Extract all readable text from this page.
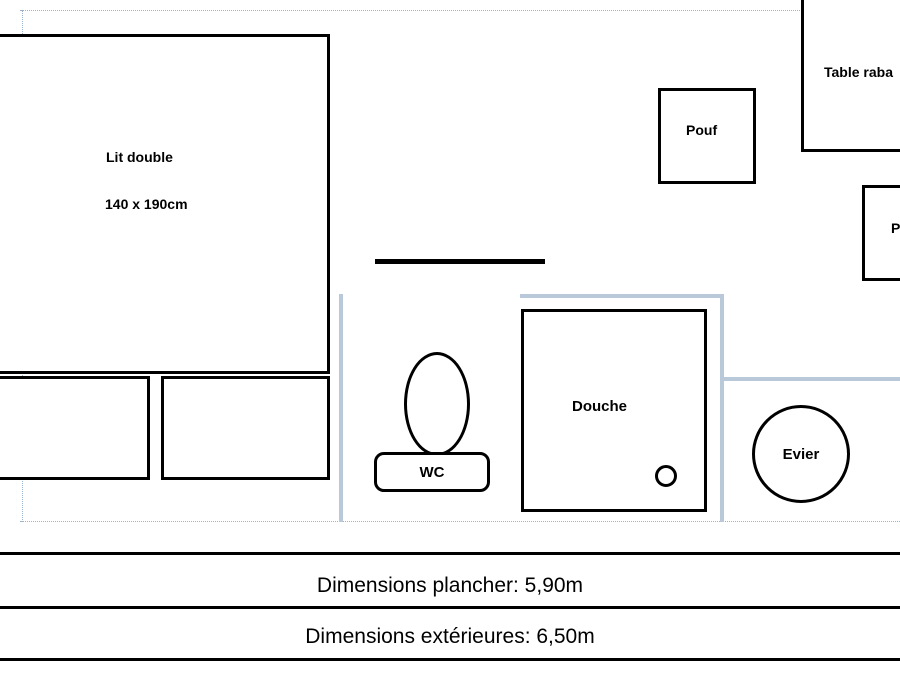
Lit double
140 x 190cm
Table raba
Pouf
P
WC
Douche
Evier
Dimensions plancher: 5,90m
Dimensions extérieures: 6,50m
